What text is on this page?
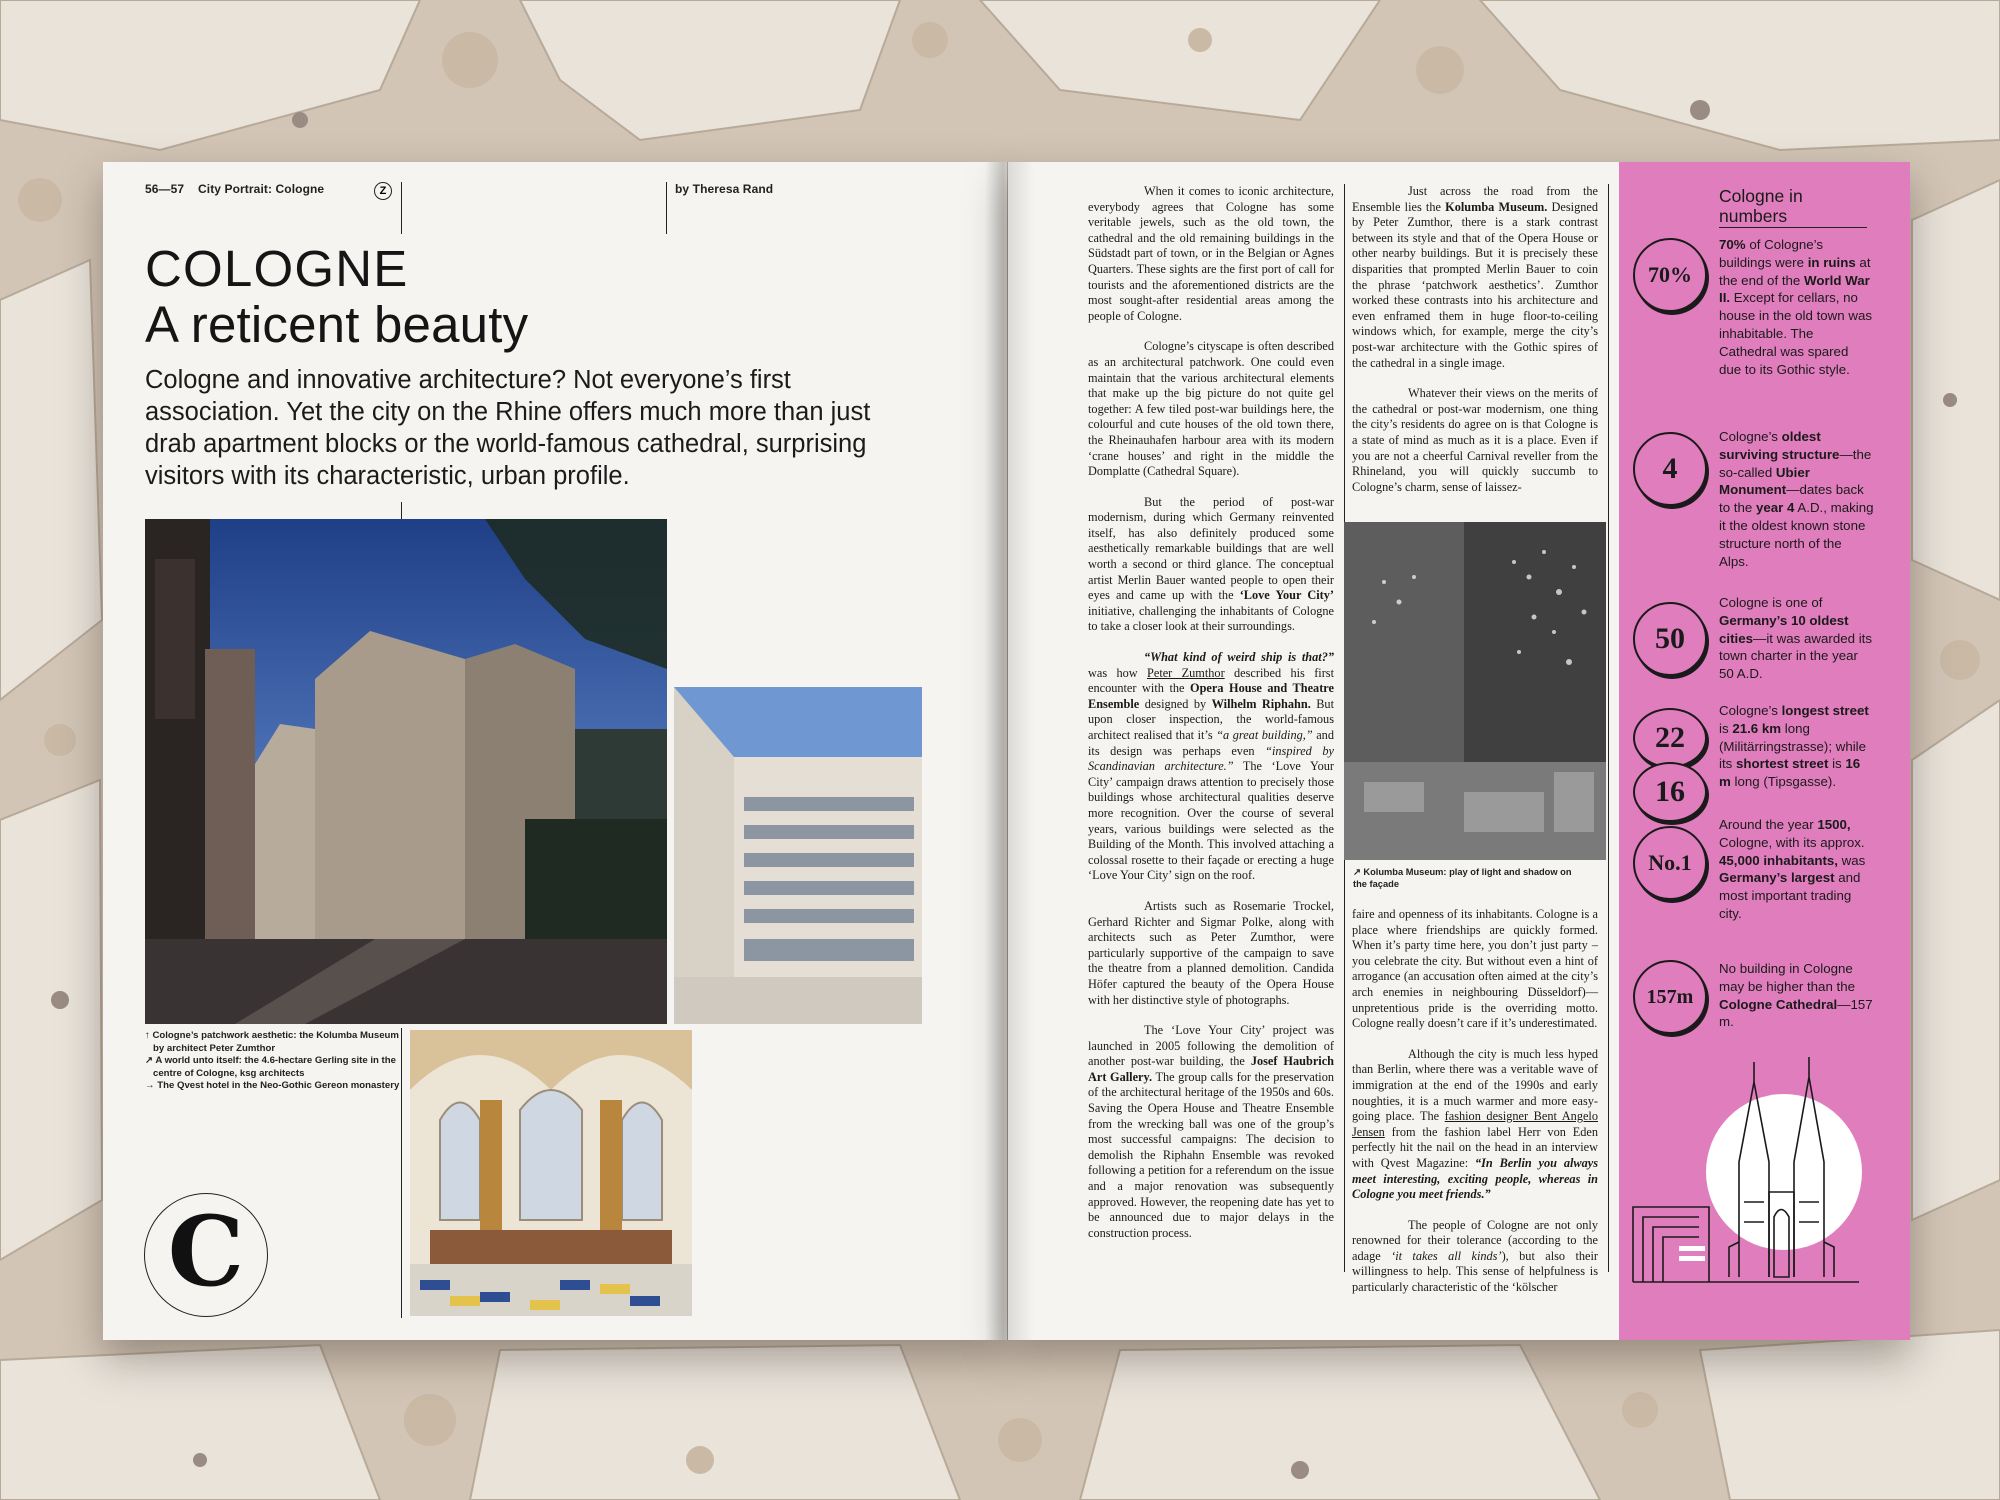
56—57 City Portrait: Cologne	Z	by Theresa Rand
COLOGNE
A reticent beauty
Cologne and innovative architecture? Not everyone’s first association. Yet the city on the Rhine offers much more than just drab apartment blocks or the world-famous cathedral, surprising visitors with its characteristic, urban profile.
↑ Cologne’s patchwork aesthetic: the Kolumba Museum by architect Peter Zumthor
↗ A world unto itself: the 4.6-hectare Gerling site in the centre of Cologne, ksg architects
→ The Qvest hotel in the Neo-Gothic Gereon monastery
C

When it comes to iconic architecture, everybody agrees that Cologne has some veritable jewels, such as the old town, the cathedral and the old remaining buildings in the Südstadt part of town, or in the Belgian or Agnes Quarters. These sights are the first port of call for tourists and the aforementioned districts are the most sought-after residential areas among the people of Cologne.

Cologne’s cityscape is often described as an architectural patchwork. One could even maintain that the various architectural elements that make up the big picture do not quite gel together: A few tiled post-war buildings here, the colourful and cute houses of the old town there, the Rheinauhafen harbour area with its modern ‘crane houses’ and right in the middle the Domplatte (Cathedral Square).

But the period of post-war modernism, during which Germany reinvented itself, has also definitely produced some aesthetically remarkable buildings that are well worth a second or third glance. The conceptual artist Merlin Bauer wanted people to open their eyes and came up with the ‘Love Your City’ initiative, challenging the inhabitants of Cologne to take a closer look at their surroundings.

“What kind of weird ship is that?” was how Peter Zumthor described his first encounter with the Opera House and Theatre Ensemble designed by Wilhelm Riphahn. But upon closer inspection, the world-famous architect realised that it’s “a great building,” and its design was perhaps even “inspired by Scandinavian architecture.” The ‘Love Your City’ campaign draws attention to precisely those buildings whose architectural qualities deserve more recognition. Over the course of several years, various buildings were selected as the Building of the Month. This involved attaching a colossal rosette to their façade or erecting a huge ‘Love Your City’ sign on the roof.

Artists such as Rosemarie Trockel, Gerhard Richter and Sigmar Polke, along with architects such as Peter Zumthor, were particularly supportive of the campaign to save the theatre from a planned demolition. Candida Höfer captured the beauty of the Opera House with her distinctive style of photographs.

The ‘Love Your City’ project was launched in 2005 following the demolition of another post-war building, the Josef Haubrich Art Gallery. The group calls for the preservation of the architectural heritage of the 1950s and 60s. Saving the Opera House and Theatre Ensemble from the wrecking ball was one of the group’s most successful campaigns: The decision to demolish the Riphahn Ensemble was revoked following a petition for a referendum on the issue and a major renovation was subsequently approved. However, the reopening date has yet to be announced due to major delays in the construction process.

Just across the road from the Ensemble lies the Kolumba Museum. Designed by Peter Zumthor, there is a stark contrast between its style and that of the Opera House or other nearby buildings. But it is precisely these disparities that prompted Merlin Bauer to coin the phrase ‘patchwork aesthetics’. Zumthor worked these contrasts into his architecture and even enframed them in huge floor-to-ceiling windows which, for example, merge the city’s post-war architecture with the Gothic spires of the cathedral in a single image.

Whatever their views on the merits of the cathedral or post-war modernism, one thing the city’s residents do agree on is that Cologne is a state of mind as much as it is a place. Even if you are not a cheerful Carnival reveller from the Rhineland, you will quickly succumb to Cologne’s charm, sense of laissez-

↗ Kolumba Museum: play of light and shadow on the façade

faire and openness of its inhabitants. Cologne is a place where friendships are quickly formed. When it’s party time here, you don’t just party – you celebrate the city. But without even a hint of arrogance (an accusation often aimed at the city’s arch enemies in neighbouring Düsseldorf)—unpretentious pride is the overriding motto. Cologne really doesn’t care if it’s underestimated.

Although the city is much less hyped than Berlin, where there was a veritable wave of immigration at the end of the 1990s and early noughties, it is a much warmer and more easy-going place. The fashion designer Bent Angelo Jensen from the fashion label Herr von Eden perfectly hit the nail on the head in an interview with Qvest Magazine: “In Berlin you always meet interesting, exciting people, whereas in Cologne you meet friends.”

The people of Cologne are not only renowned for their tolerance (according to the adage ‘it takes all kinds’), but also their willingness to help. This sense of helpfulness is particularly characteristic of the ‘kölscher

Cologne in numbers
70%
70% of Cologne’s buildings were in ruins at the end of the World War II. Except for cellars, no house in the old town was inhabitable. The Cathedral was spared due to its Gothic style.
4
Cologne’s oldest surviving structure—the so-called Ubier Monument—dates back to the year 4 A.D., making it the oldest known stone structure north of the Alps.
50
Cologne is one of Germany’s 10 oldest cities—it was awarded its town charter in the year 50 A.D.
22
16
Cologne’s longest street is 21.6 km long (Militärringstrasse); while its shortest street is 16 m long (Tipsgasse).
No.1
Around the year 1500, Cologne, with its approx. 45,000 inhabitants, was Germany’s largest and most important trading city.
157m
No building in Cologne may be higher than the Cologne Cathedral—157 m.
